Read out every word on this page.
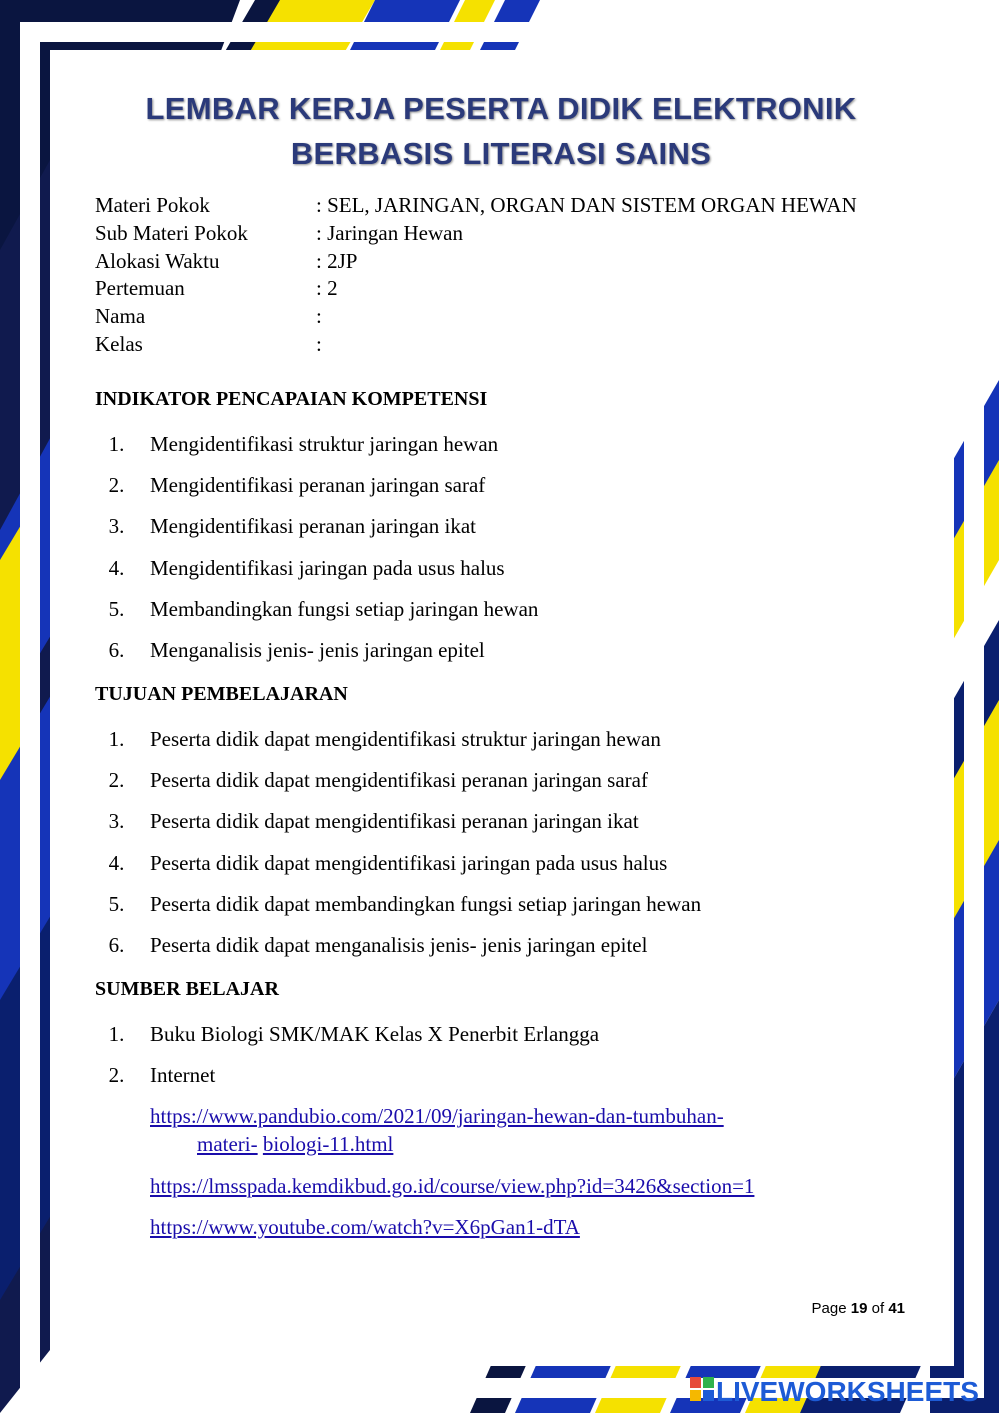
LEMBAR KERJA PESERTA DIDIK ELEKTRONIK
BERBASIS LITERASI SAINS
Materi Pokok	: SEL, JARINGAN, ORGAN DAN SISTEM ORGAN HEWAN
Sub Materi Pokok	: Jaringan Hewan
Alokasi Waktu	: 2JP
Pertemuan	: 2
Nama	:
Kelas	:
INDIKATOR PENCAPAIAN KOMPETENSI
1. Mengidentifikasi struktur jaringan hewan
2. Mengidentifikasi peranan jaringan saraf
3. Mengidentifikasi peranan jaringan ikat
4. Mengidentifikasi jaringan pada usus halus
5. Membandingkan fungsi setiap jaringan hewan
6. Menganalisis jenis- jenis jaringan epitel
TUJUAN PEMBELAJARAN
1. Peserta didik dapat mengidentifikasi struktur jaringan hewan
2. Peserta didik dapat mengidentifikasi peranan jaringan saraf
3. Peserta didik dapat mengidentifikasi peranan jaringan ikat
4. Peserta didik dapat mengidentifikasi jaringan pada usus halus
5. Peserta didik dapat membandingkan fungsi setiap jaringan hewan
6. Peserta didik dapat menganalisis jenis- jenis jaringan epitel
SUMBER BELAJAR
1. Buku Biologi SMK/MAK Kelas X Penerbit Erlangga
2. Internet
https://www.pandubio.com/2021/09/jaringan-hewan-dan-tumbuhan-
materi- biologi-11.html
https://lmsspada.kemdikbud.go.id/course/view.php?id=3426&section=1
https://www.youtube.com/watch?v=X6pGan1-dTA
Page 19 of 41
LIVEWORKSHEETS
